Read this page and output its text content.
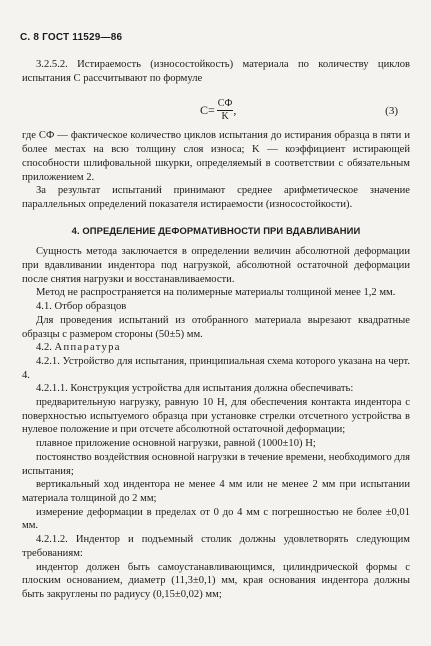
С. 8 ГОСТ 11529—86

3.2.5.2. Истираемость (износостойкость) материала по количеству циклов испытания C рассчитывают по формуле

$C= \frac{CФ}{K}$ ,	(3)

где CФ — фактическое количество циклов испытания до истирания образца в пяти и более местах на всю толщину слоя износа; K — коэффициент истирающей способности шлифовальной шкурки, определяемый в соответствии с обязательным приложением 2.

За результат испытаний принимают среднее арифметическое значение параллельных определений показателя истираемости (износостойкости).

4. ОПРЕДЕЛЕНИЕ ДЕФОРМАТИВНОСТИ ПРИ ВДАВЛИВАНИИ

Сущность метода заключается в определении величин абсолютной деформации при вдавливании индентора под нагрузкой, абсолютной остаточной деформации после снятия нагрузки и восстанавливаемости.

Метод не распространяется на полимерные материалы толщиной менее 1,2 мм.

4.1. Отбор образцов

Для проведения испытаний из отобранного материала вырезают квадратные образцы с размером стороны (50±5) мм.

4.2. Аппаратура

4.2.1. Устройство для испытания, принципиальная схема которого указана на черт. 4.

4.2.1.1. Конструкция устройства для испытания должна обеспечивать:

предварительную нагрузку, равную 10 Н, для обеспечения контакта индентора с поверхностью испытуемого образца при установке стрелки отсчетного устройства в нулевое положение и при отсчете абсолютной остаточной деформации;

плавное приложение основной нагрузки, равной (1000±10) Н;

постоянство воздействия основной нагрузки в течение времени, необходимого для испытания;

вертикальный ход индентора не менее 4 мм или не менее 2 мм при испытании материала толщиной до 2 мм;

измерение деформации в пределах от 0 до 4 мм с погрешностью не более ±0,01 мм.

4.2.1.2. Индентор и подъемный столик должны удовлетворять следующим требованиям:

индентор должен быть самоустанавливающимся, цилиндрической формы с плоским основанием, диаметр (11,3±0,1) мм, края основания индентора должны быть закруглены по радиусу (0,15±0,02) мм;
